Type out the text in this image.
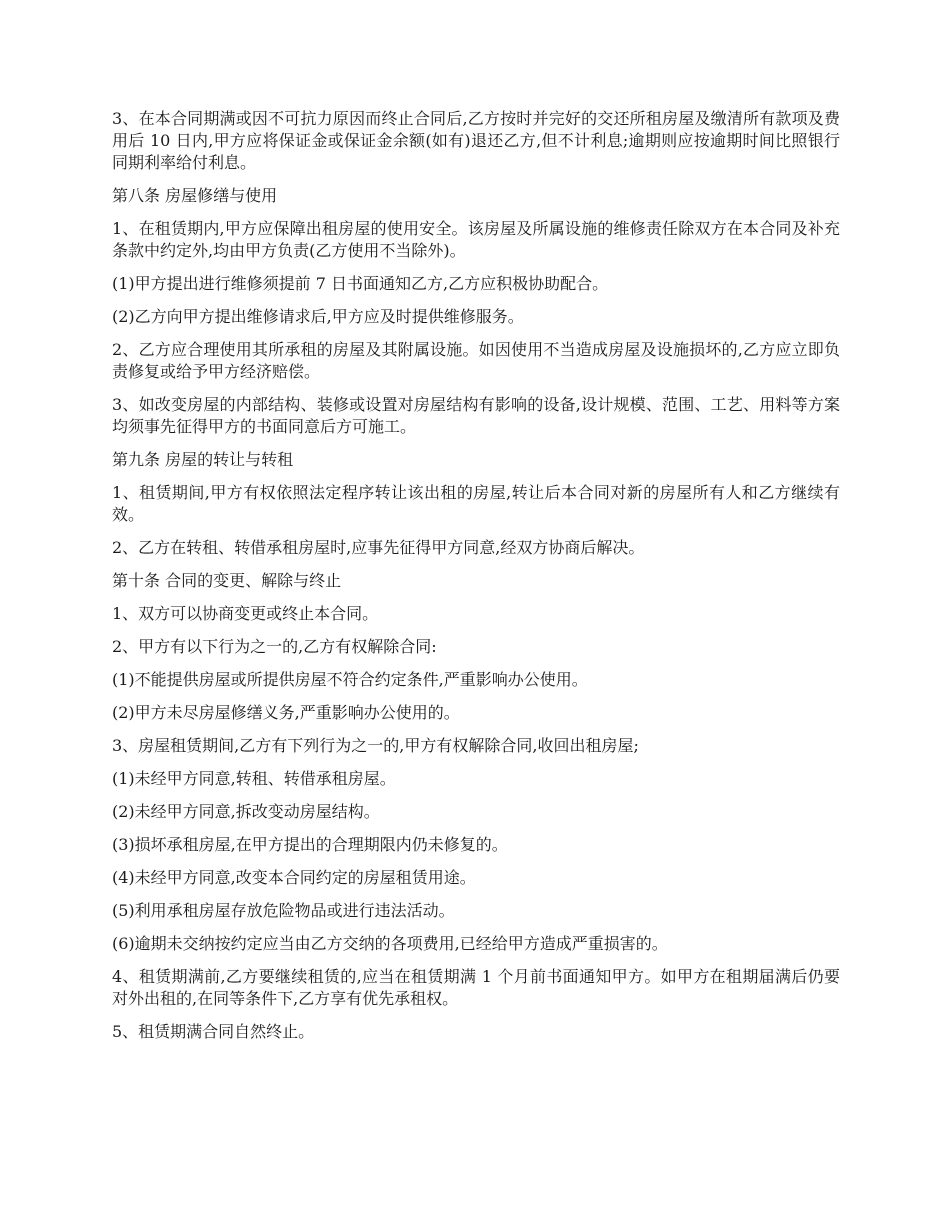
3、在本合同期满或因不可抗力原因而终止合同后,乙方按时并完好的交还所租房屋及缴清所有款项及费用后 10 日内,甲方应将保证金或保证金余额(如有)退还乙方,但不计利息;逾期则应按逾期时间比照银行同期利率给付利息。

第八条 房屋修缮与使用

1、在租赁期内,甲方应保障出租房屋的使用安全。该房屋及所属设施的维修责任除双方在本合同及补充条款中约定外,均由甲方负责(乙方使用不当除外)。

(1)甲方提出进行维修须提前 7 日书面通知乙方,乙方应积极协助配合。

(2)乙方向甲方提出维修请求后,甲方应及时提供维修服务。

2、乙方应合理使用其所承租的房屋及其附属设施。如因使用不当造成房屋及设施损坏的,乙方应立即负责修复或给予甲方经济赔偿。

3、如改变房屋的内部结构、装修或设置对房屋结构有影响的设备,设计规模、范围、工艺、用料等方案均须事先征得甲方的书面同意后方可施工。

第九条 房屋的转让与转租

1、租赁期间,甲方有权依照法定程序转让该出租的房屋,转让后本合同对新的房屋所有人和乙方继续有效。

2、乙方在转租、转借承租房屋时,应事先征得甲方同意,经双方协商后解决。

第十条 合同的变更、解除与终止

1、双方可以协商变更或终止本合同。

2、甲方有以下行为之一的,乙方有权解除合同:

(1)不能提供房屋或所提供房屋不符合约定条件,严重影响办公使用。

(2)甲方未尽房屋修缮义务,严重影响办公使用的。

3、房屋租赁期间,乙方有下列行为之一的,甲方有权解除合同,收回出租房屋;

(1)未经甲方同意,转租、转借承租房屋。

(2)未经甲方同意,拆改变动房屋结构。

(3)损坏承租房屋,在甲方提出的合理期限内仍未修复的。

(4)未经甲方同意,改变本合同约定的房屋租赁用途。

(5)利用承租房屋存放危险物品或进行违法活动。

(6)逾期未交纳按约定应当由乙方交纳的各项费用,已经给甲方造成严重损害的。

4、租赁期满前,乙方要继续租赁的,应当在租赁期满 1 个月前书面通知甲方。如甲方在租期届满后仍要对外出租的,在同等条件下,乙方享有优先承租权。

5、租赁期满合同自然终止。
